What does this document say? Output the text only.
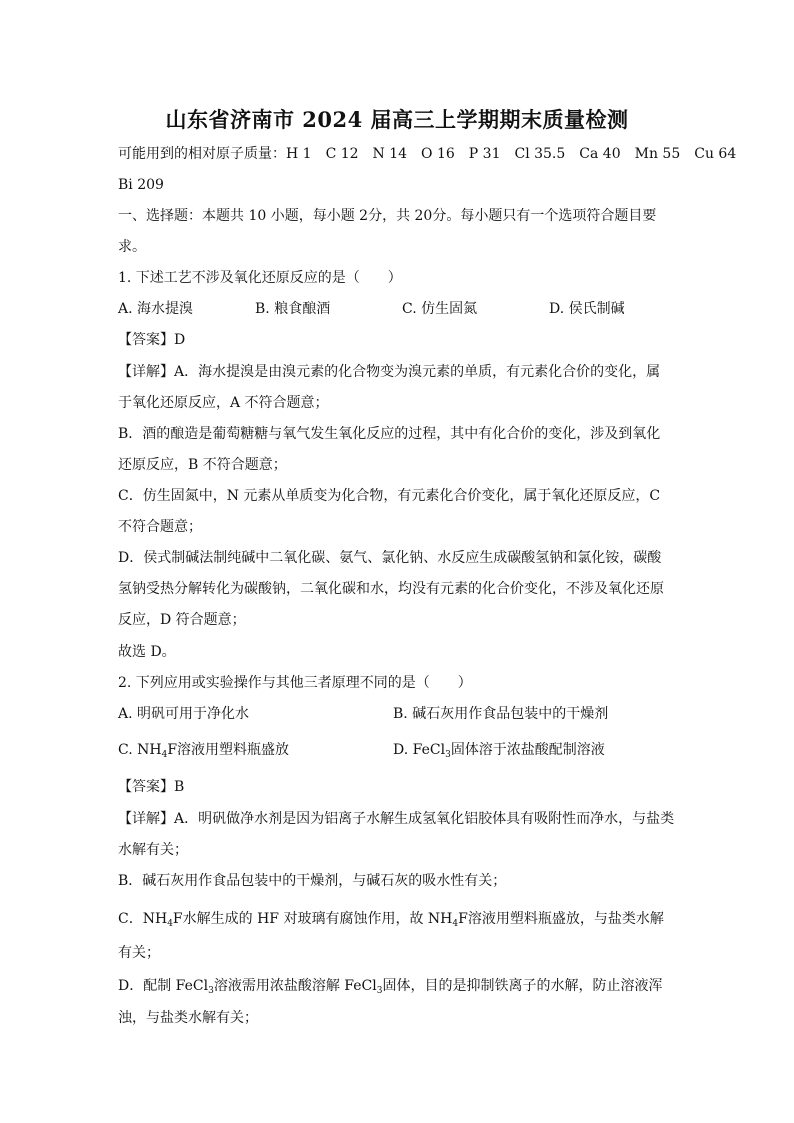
山东省济南市 2024 届高三上学期期末质量检测
可能用到的相对原子质量：H 1　C 12　N 14　O 16　P 31　Cl 35.5　Ca 40　Mn 55　Cu 64
Bi 209
一、选择题：本题共 10 小题，每小题 2分，共 20分。每小题只有一个选项符合题目要
求。
1. 下述工艺不涉及氧化还原反应的是（　　）
A. 海水提溴	B. 粮食酿酒	C. 仿生固氮	D. 侯氏制碱
【答案】D
【详解】A．海水提溴是由溴元素的化合物变为溴元素的单质，有元素化合价的变化，属
于氧化还原反应，A 不符合题意；
B．酒的酿造是葡萄糖糖与氧气发生氧化反应的过程，其中有化合价的变化，涉及到氧化
还原反应，B 不符合题意；
C．仿生固氮中，N 元素从单质变为化合物，有元素化合价变化，属于氧化还原反应，C
不符合题意；
D．侯式制碱法制纯碱中二氧化碳、氨气、氯化钠、水反应生成碳酸氢钠和氯化铵，碳酸
氢钠受热分解转化为碳酸钠，二氧化碳和水，均没有元素的化合价变化，不涉及氧化还原
反应，D 符合题意；
故选 D。
2. 下列应用或实验操作与其他三者原理不同的是（　　）
A. 明矾可用于净化水	B. 碱石灰用作食品包装中的干燥剂
C. $NH_4F$溶液用塑料瓶盛放	D. FeCl$_3$固体溶于浓盐酸配制溶液
【答案】B
【详解】A．明矾做净水剂是因为铝离子水解生成氢氧化铝胶体具有吸附性而净水，与盐类
水解有关；
B．碱石灰用作食品包装中的干燥剂，与碱石灰的吸水性有关；
C．$NH_4F$水解生成的 HF 对玻璃有腐蚀作用，故 $NH_4F$溶液用塑料瓶盛放，与盐类水解
有关；
D．配制 FeCl$_3$溶液需用浓盐酸溶解 FeCl$_3$固体，目的是抑制铁离子的水解，防止溶液浑
浊，与盐类水解有关；
